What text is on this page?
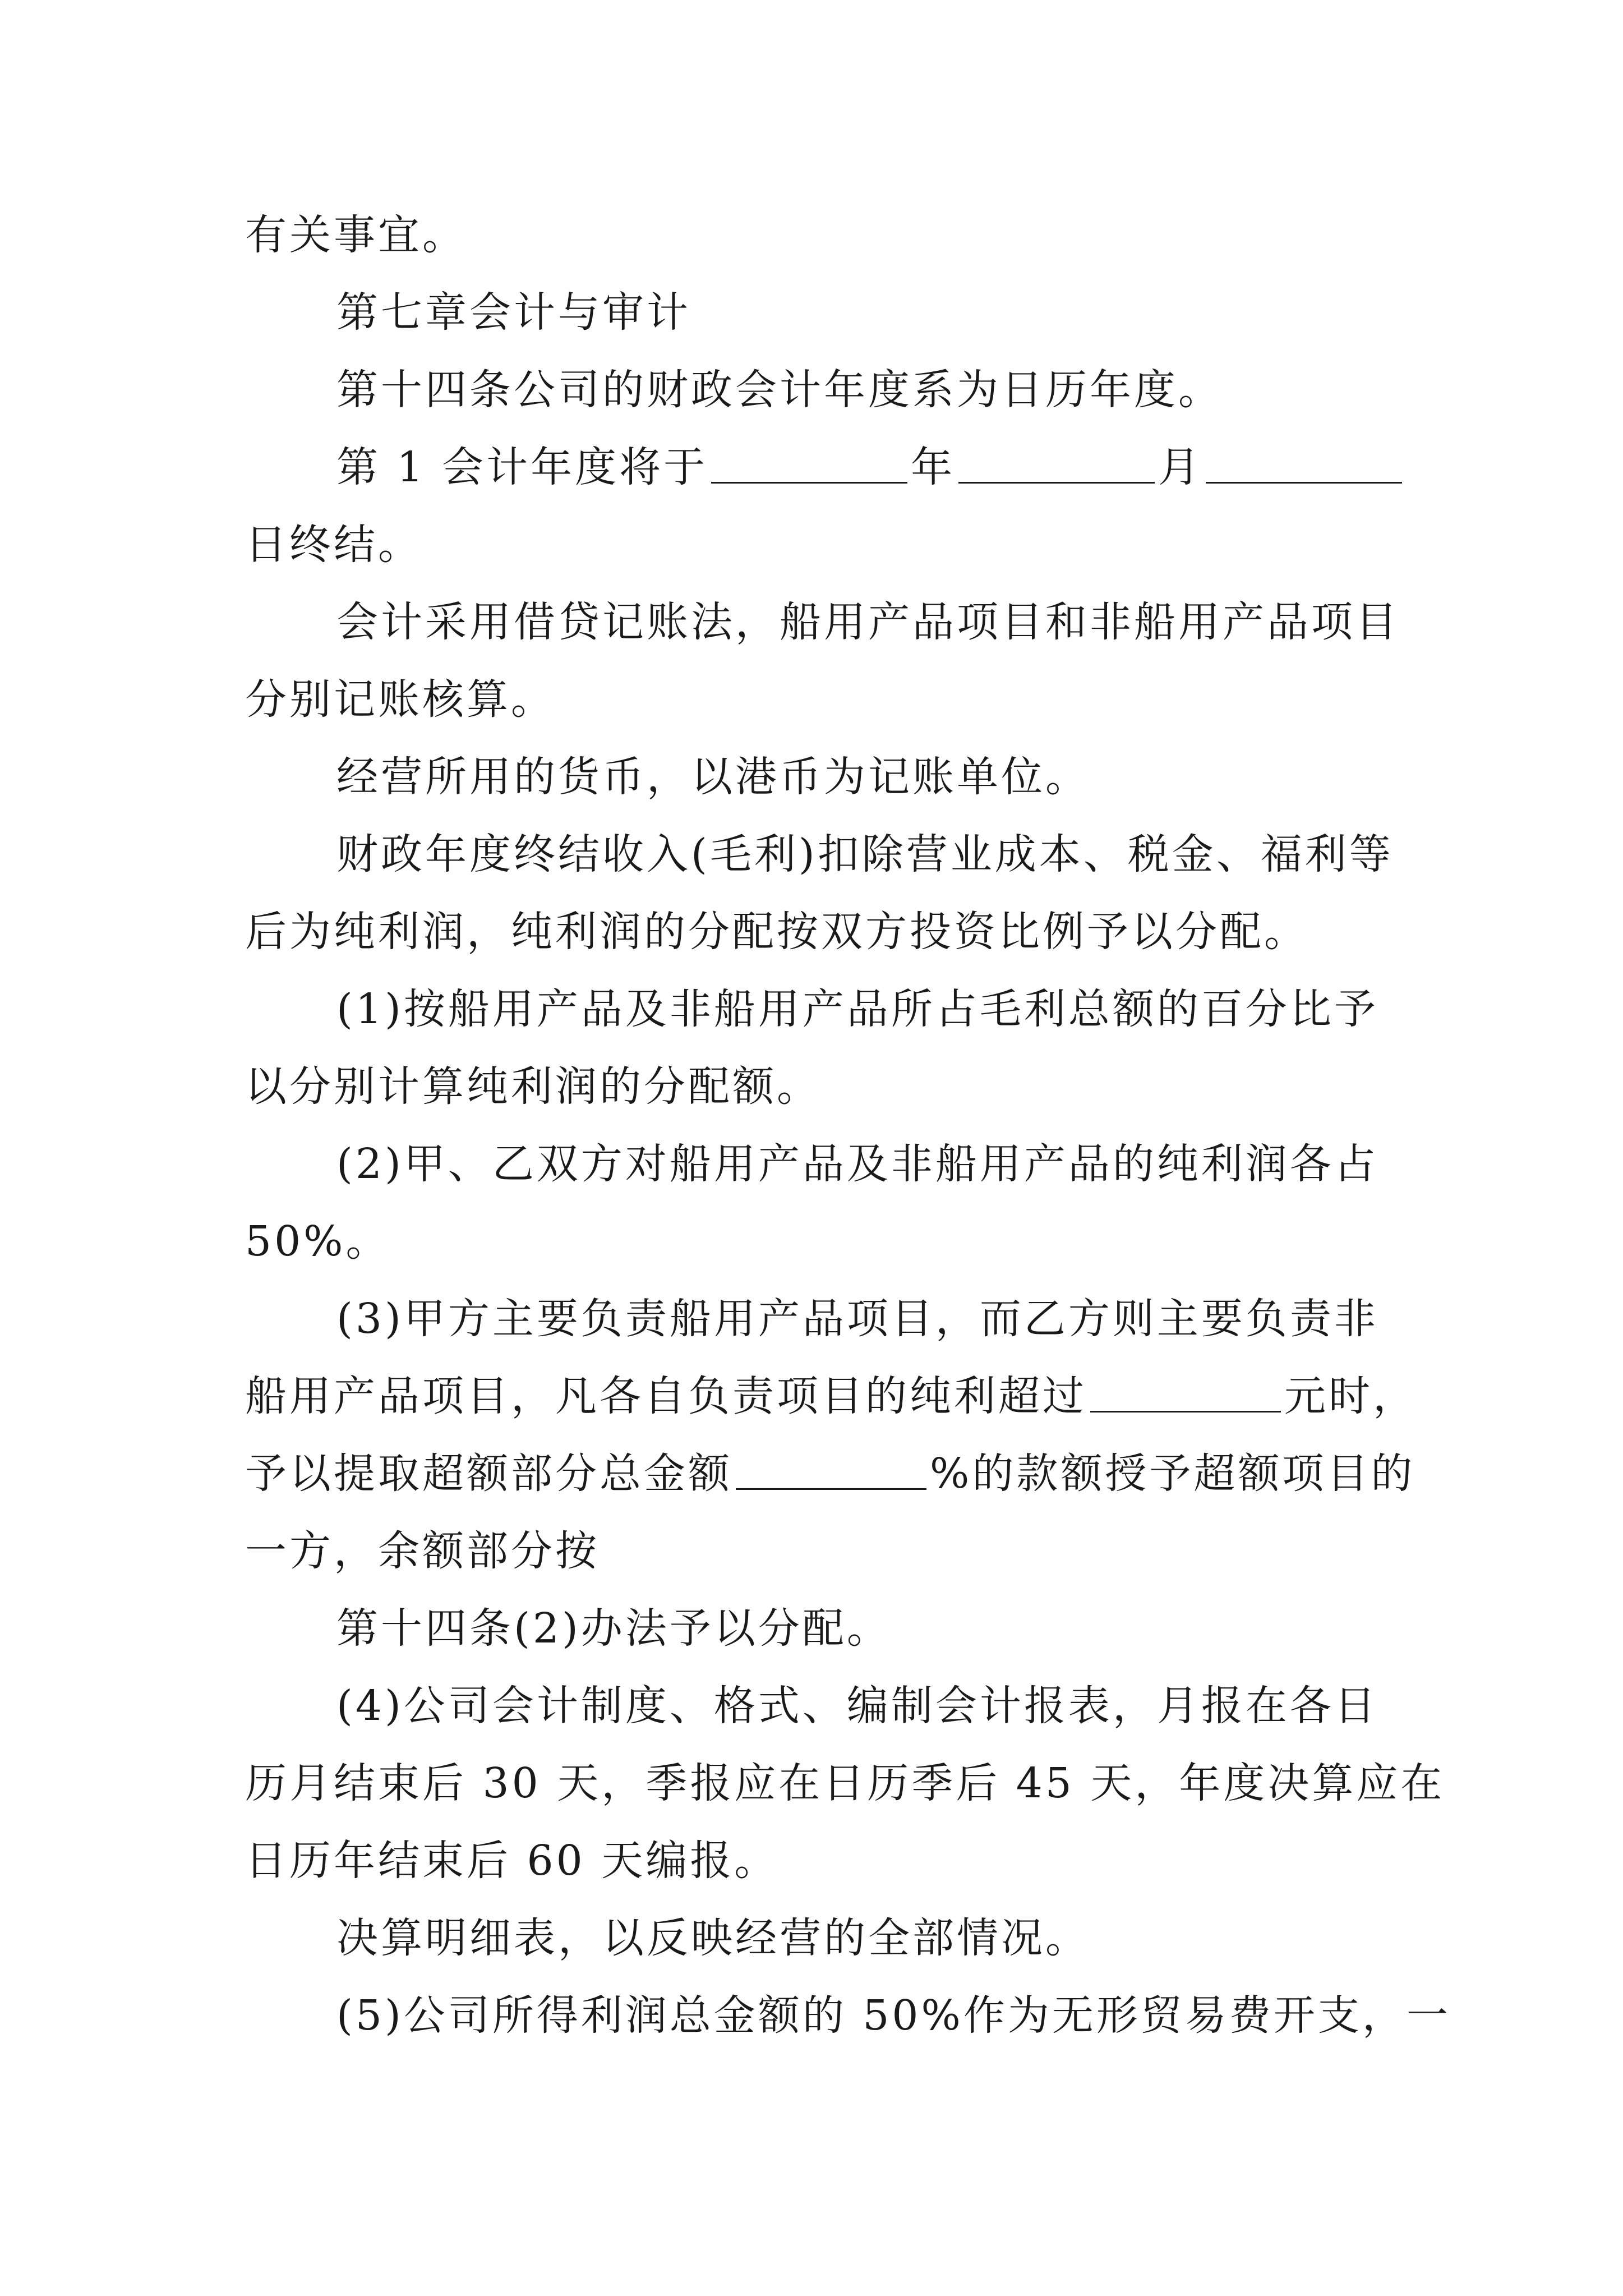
有关事宜。
第七章会计与审计
第十四条公司的财政会计年度系为日历年度。
第 1 会计年度将于	年	月
日终结。
会计采用借贷记账法，船用产品项目和非船用产品项目
分别记账核算。
经营所用的货币，以港币为记账单位。
财政年度终结收入(毛利)扣除营业成本、税金、福利等
后为纯利润，纯利润的分配按双方投资比例予以分配。
(1)按船用产品及非船用产品所占毛利总额的百分比予
以分别计算纯利润的分配额。
(2)甲、乙双方对船用产品及非船用产品的纯利润各占
50%。
(3)甲方主要负责船用产品项目，而乙方则主要负责非
船用产品项目，凡各自负责项目的纯利超过	元时，
予以提取超额部分总金额	%的款额授予超额项目的
一方，余额部分按
第十四条(2)办法予以分配。
(4)公司会计制度、格式、编制会计报表，月报在各日
历月结束后 30 天，季报应在日历季后 45 天，年度决算应在
日历年结束后 60 天编报。
决算明细表，以反映经营的全部情况。
(5)公司所得利润总金额的 50%作为无形贸易费开支，一
